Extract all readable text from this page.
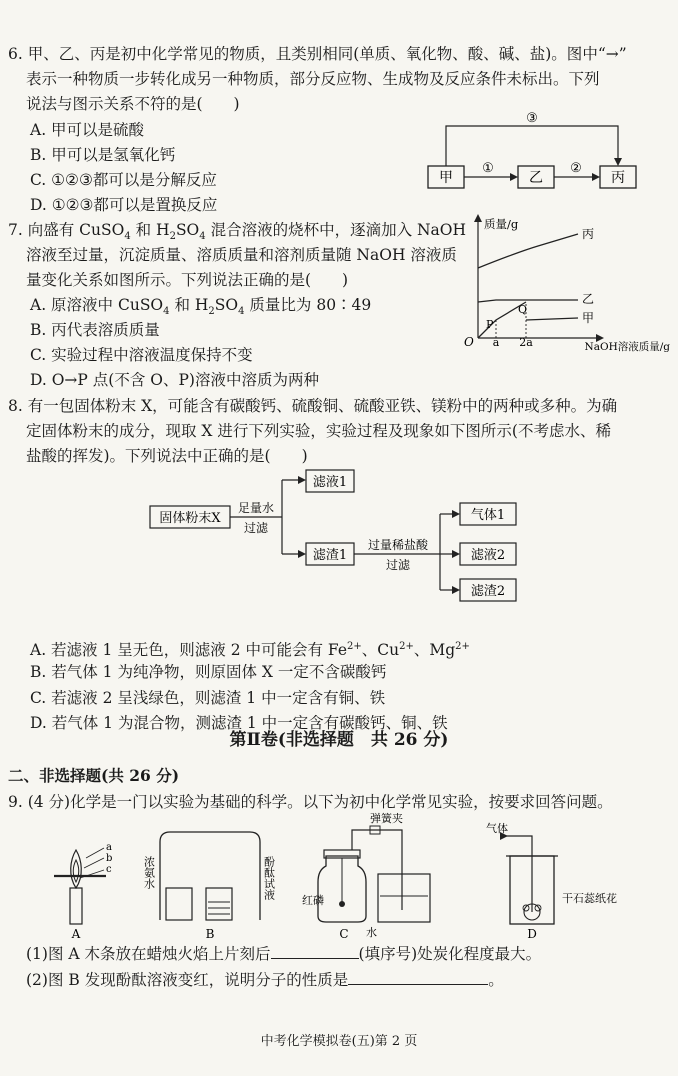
6. 甲、乙、丙是初中化学常见的物质，且类别相同(单质、氧化物、酸、碱、盐)。图中“→”
表示一种物质一步转化成另一种物质，部分反应物、生成物及反应条件未标出。下列
说法与图示关系不符的是(　　)
A. 甲可以是硫酸
B. 甲可以是氢氧化钙
C. ①②③都可以是分解反应
D. ①②③都可以是置换反应
甲	乙	丙
①	②
③
7. 向盛有 CuSO$_4$ 和 $H_2SO_4$ 混合溶液的烧杯中，逐滴加入 NaOH
溶液至过量，沉淀质量、溶质质量和溶剂质量随 NaOH 溶液质
量变化关系如图所示。下列说法正确的是(　　)
A. 原溶液中 CuSO$_4$ 和 $H_2SO_4$ 质量比为 80∶49
B. 丙代表溶质质量
C. 实验过程中溶液温度保持不变
D. O→P 点(不含 O、P)溶液中溶质为两种
质量/g
NaOH溶液质量/g
O a 2a
丙
乙
甲
P
Q
8. 有一包固体粉末 X，可能含有碳酸钙、硫酸铜、硫酸亚铁、镁粉中的两种或多种。为确
定固体粉末的成分，现取 X 进行下列实验，实验过程及现象如下图所示(不考虑水、稀
盐酸的挥发)。下列说法中正确的是(　　)
固体粉末X
足量水
过滤
滤液1
滤渣1
过量稀盐酸
过滤
气体1
滤液2
滤渣2
A. 若滤液 1 呈无色，则滤液 2 中可能会有 $Fe^{2+}$、$Cu^{2+}$、$Mg^{2+}$
B. 若气体 1 为纯净物，则原固体 X 一定不含碳酸钙
C. 若滤液 2 呈浅绿色，则滤渣 1 中一定含有铜、铁
D. 若气体 1 为混合物，测滤渣 1 中一定含有碳酸钙、铜、铁
第Ⅱ卷(非选择题　共 26 分)
二、非选择题(共 26 分)
9. (4 分)化学是一门以实验为基础的科学。以下为初中化学常见实验，按要求回答问题。
a
b
c
A
浓氨水	酚酞试液
B
弹簧夹
红磷
水
C
气体
干石蕊纸花
D
(1)图 A 木条放在蜡烛火焰上片刻后	(填序号)处炭化程度最大。
(2)图 B 发现酚酞溶液变红，说明分子的性质是	。
中考化学模拟卷(五)第 2 页
